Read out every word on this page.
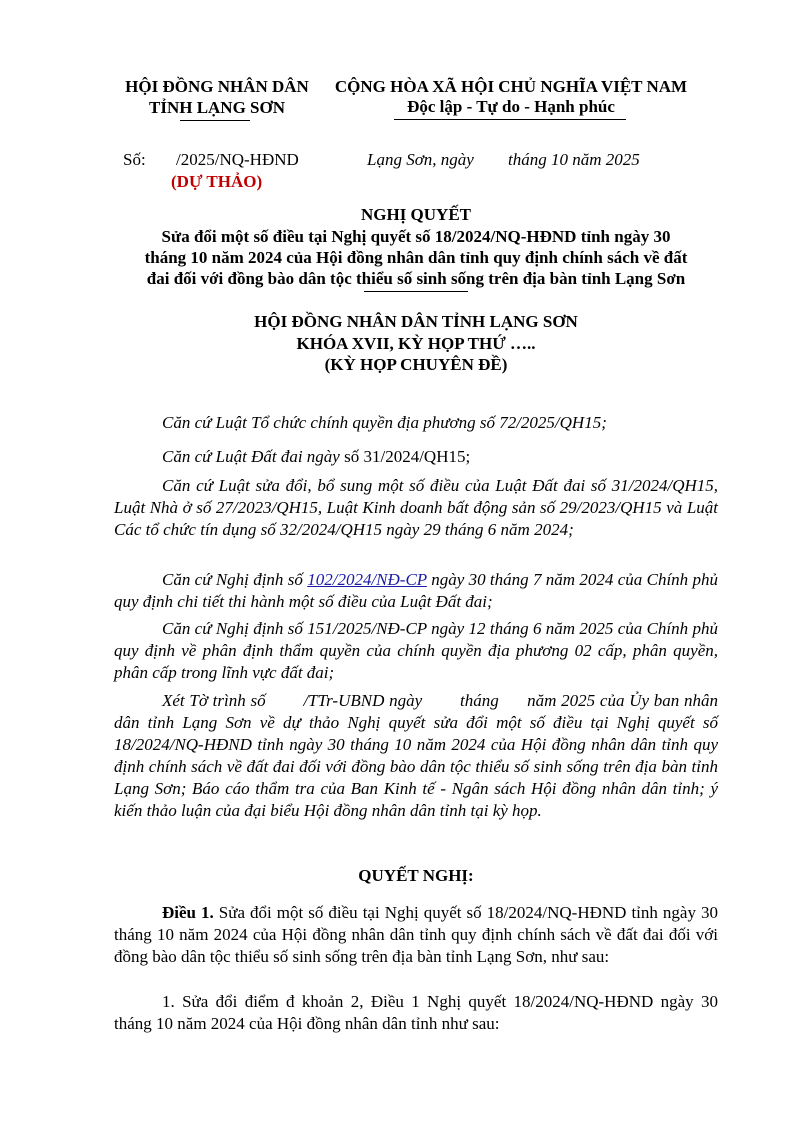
HỘI ĐỒNG NHÂN DÂN
TỈNH LẠNG SƠN
CỘNG HÒA XÃ HỘI CHỦ NGHĨA VIỆT NAM
Độc lập - Tự do - Hạnh phúc
Số: /2025/NQ-HĐND
(DỰ THẢO)
Lạng Sơn, ngày tháng 10 năm 2025
NGHỊ QUYẾT
Sửa đổi một số điều tại Nghị quyết số 18/2024/NQ-HĐND tỉnh ngày 30
tháng 10 năm 2024 của Hội đồng nhân dân tỉnh quy định chính sách về đất
đai đối với đồng bào dân tộc thiểu số sinh sống trên địa bàn tỉnh Lạng Sơn
HỘI ĐỒNG NHÂN DÂN TỈNH LẠNG SƠN
KHÓA XVII, KỲ HỌP THỨ …..
(KỲ HỌP CHUYÊN ĐỀ)
Căn cứ Luật Tổ chức chính quyền địa phương số 72/2025/QH15;
Căn cứ Luật Đất đai ngày số 31/2024/QH15;
Căn cứ Luật sửa đổi, bổ sung một số điều của Luật Đất đai số 31/2024/QH15, Luật Nhà ở số 27/2023/QH15, Luật Kinh doanh bất động sản số 29/2023/QH15 và Luật Các tổ chức tín dụng số 32/2024/QH15 ngày 29 tháng 6 năm 2024;
Căn cứ Nghị định số 102/2024/NĐ-CP ngày 30 tháng 7 năm 2024 của Chính phủ quy định chi tiết thi hành một số điều của Luật Đất đai;
Căn cứ Nghị định số 151/2025/NĐ-CP ngày 12 tháng 6 năm 2025 của Chính phủ quy định về phân định thẩm quyền của chính quyền địa phương 02 cấp, phân quyền, phân cấp trong lĩnh vực đất đai;
Xét Tờ trình số        /TTr-UBND ngày        tháng      năm 2025 của Ủy ban nhân dân tỉnh Lạng Sơn về dự thảo Nghị quyết sửa đổi một số điều tại Nghị quyết số 18/2024/NQ-HĐND tỉnh ngày 30 tháng 10 năm 2024 của Hội đồng nhân dân tỉnh quy định chính sách về đất đai đối với đồng bào dân tộc thiểu số sinh sống trên địa bàn tỉnh Lạng Sơn; Báo cáo thẩm tra của Ban Kinh tế - Ngân sách Hội đồng nhân dân tỉnh; ý kiến thảo luận của đại biểu Hội đồng nhân dân tỉnh tại kỳ họp.
QUYẾT NGHỊ:
Điều 1. Sửa đổi một số điều tại Nghị quyết số 18/2024/NQ-HĐND tỉnh ngày 30 tháng 10 năm 2024 của Hội đồng nhân dân tỉnh quy định chính sách về đất đai đối với đồng bào dân tộc thiểu số sinh sống trên địa bàn tỉnh Lạng Sơn, như sau:
1. Sửa đổi điểm đ khoản 2, Điều 1 Nghị quyết 18/2024/NQ-HĐND ngày 30 tháng 10 năm 2024 của Hội đồng nhân dân tỉnh như sau:
